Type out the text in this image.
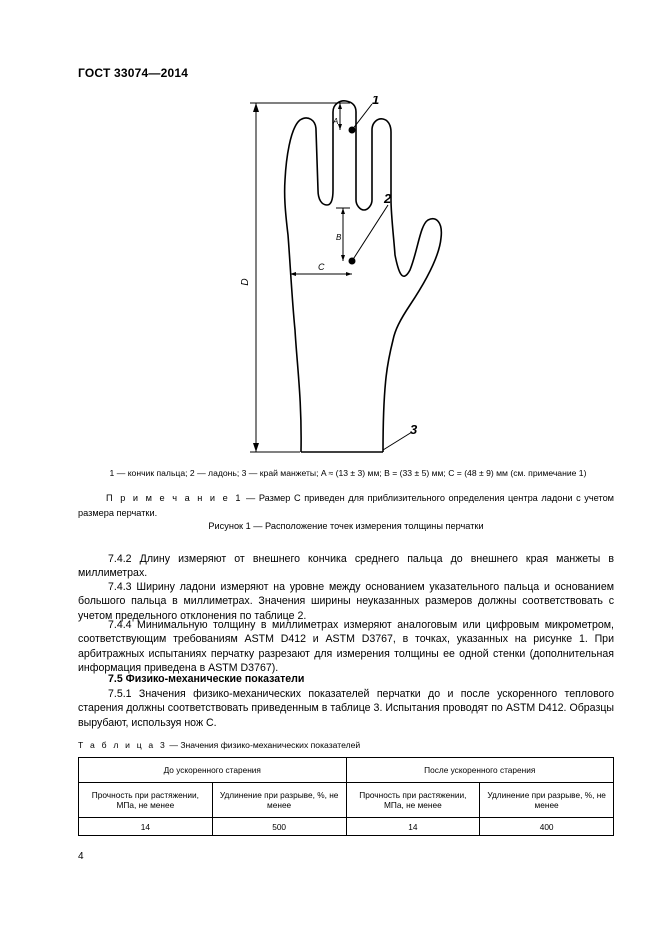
ГОСТ 33074—2014
D
A
1
B
2
C
3
1 — кончик пальца; 2 — ладонь; 3 — край манжеты; A ≈ (13 ± 3) мм; B = (33 ± 5) мм; C = (48 ± 9) мм (см. примечание 1)
П р и м е ч а н и е 1 — Размер C приведен для приблизительного определения центра ладони с учетом размера перчатки.
Рисунок 1 — Расположение точек измерения толщины перчатки
7.4.2 Длину измеряют от внешнего кончика среднего пальца до внешнего края манжеты в миллиметрах.
7.4.3 Ширину ладони измеряют на уровне между основанием указательного пальца и основанием большого пальца в миллиметрах. Значения ширины неуказанных размеров должны соответствовать с учетом предельного отклонения по таблице 2.
7.4.4 Минимальную толщину в миллиметрах измеряют аналоговым или цифровым микрометром, соответствующим требованиям ASTM D412 и ASTM D3767, в точках, указанных на рисунке 1. При арбитражных испытаниях перчатку разрезают для измерения толщины ее одной стенки (дополнительная информация приведена в ASTM D3767).
7.5 Физико-механические показатели
7.5.1 Значения физико-механических показателей перчатки до и после ускоренного теплового старения должны соответствовать приведенным в таблице 3. Испытания проводят по ASTM D412. Образцы вырубают, используя нож C.
Т а б л и ц а 3 — Значения физико-механических показателей
До ускоренного старения		После ускоренного старения	
Прочность при растяжении, МПа, не менее	Удлинение при разрыве, %, не менее	Прочность при растяжении, МПа, не менее	Удлинение при разрыве, %, не менее
14	500	14	400
4
